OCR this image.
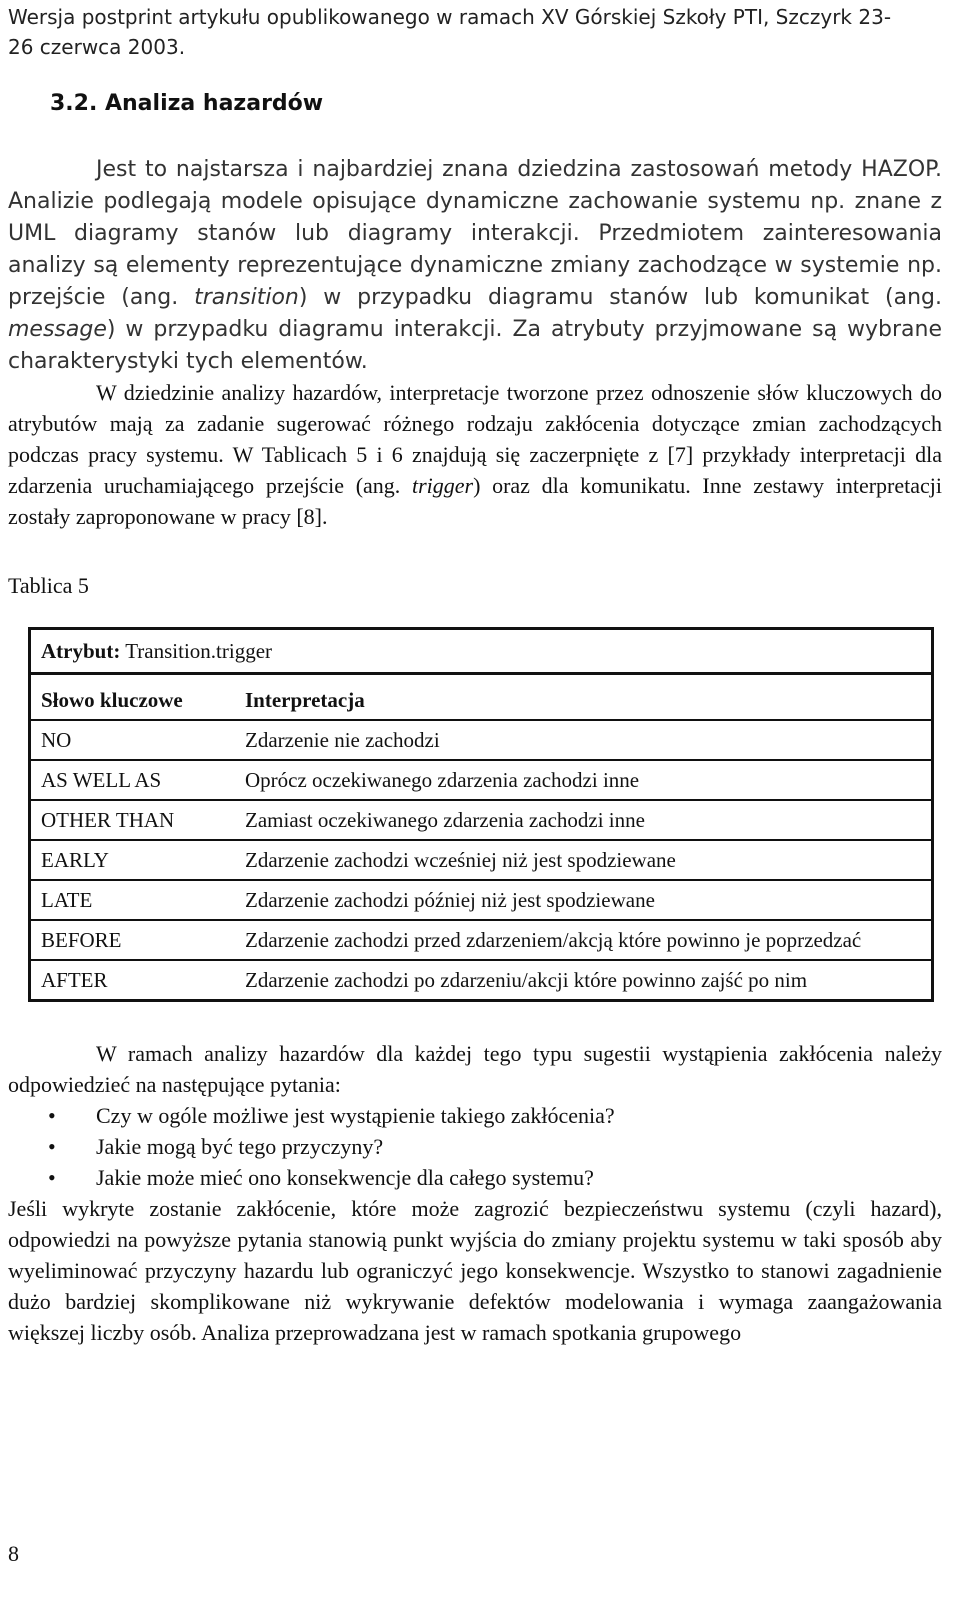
Wersja postprint artykułu opublikowanego w ramach XV Górskiej Szkoły PTI, Szczyrk 23-
26 czerwca 2003.
3.2. Analiza hazardów

Jest to najstarsza i najbardziej znana dziedzina zastosowań metody HAZOP. Analizie podlegają modele opisujące dynamiczne zachowanie systemu np. znane z UML diagramy stanów lub diagramy interakcji. Przedmiotem zainteresowania analizy są elementy reprezentujące dynamiczne zmiany zachodzące w systemie np. przejście (ang. transition) w przypadku diagramu stanów lub komunikat (ang. message) w przypadku diagramu interakcji. Za atrybuty przyjmowane są wybrane charakterystyki tych elementów.

W dziedzinie analizy hazardów, interpretacje tworzone przez odnoszenie słów kluczowych do atrybutów mają za zadanie sugerować różnego rodzaju zakłócenia dotyczące zmian zachodzących podczas pracy systemu. W Tablicach 5 i 6 znajdują się zaczerpnięte z [7] przykłady interpretacji dla zdarzenia uruchamiającego przejście (ang. trigger) oraz dla komunikatu. Inne zestawy interpretacji zostały zaproponowane w pracy [8].

Tablica 5
Atrybut: Transition.trigger	

Słowo kluczowe	Interpretacja
NO	Zdarzenie nie zachodzi
AS WELL AS	Oprócz oczekiwanego zdarzenia zachodzi inne
OTHER THAN	Zamiast oczekiwanego zdarzenia zachodzi inne
EARLY	Zdarzenie zachodzi wcześniej niż jest spodziewane
LATE	Zdarzenie zachodzi później niż jest spodziewane
BEFORE	Zdarzenie zachodzi przed zdarzeniem/akcją które powinno je poprzedzać
AFTER	Zdarzenie zachodzi po zdarzeniu/akcji które powinno zajść po nim

W ramach analizy hazardów dla każdej tego typu sugestii wystąpienia zakłócenia należy odpowiedzieć na następujące pytania:

• Czy w ogóle możliwe jest wystąpienie takiego zakłócenia?
• Jakie mogą być tego przyczyny?
• Jakie może mieć ono konsekwencje dla całego systemu?

Jeśli wykryte zostanie zakłócenie, które może zagrozić bezpieczeństwu systemu (czyli hazard), odpowiedzi na powyższe pytania stanowią punkt wyjścia do zmiany projektu systemu w taki sposób aby wyeliminować przyczyny hazardu lub ograniczyć jego konsekwencje. Wszystko to stanowi zagadnienie dużo bardziej skomplikowane niż wykrywanie defektów modelowania i wymaga zaangażowania większej liczby osób. Analiza przeprowadzana jest w ramach spotkania grupowego

8
